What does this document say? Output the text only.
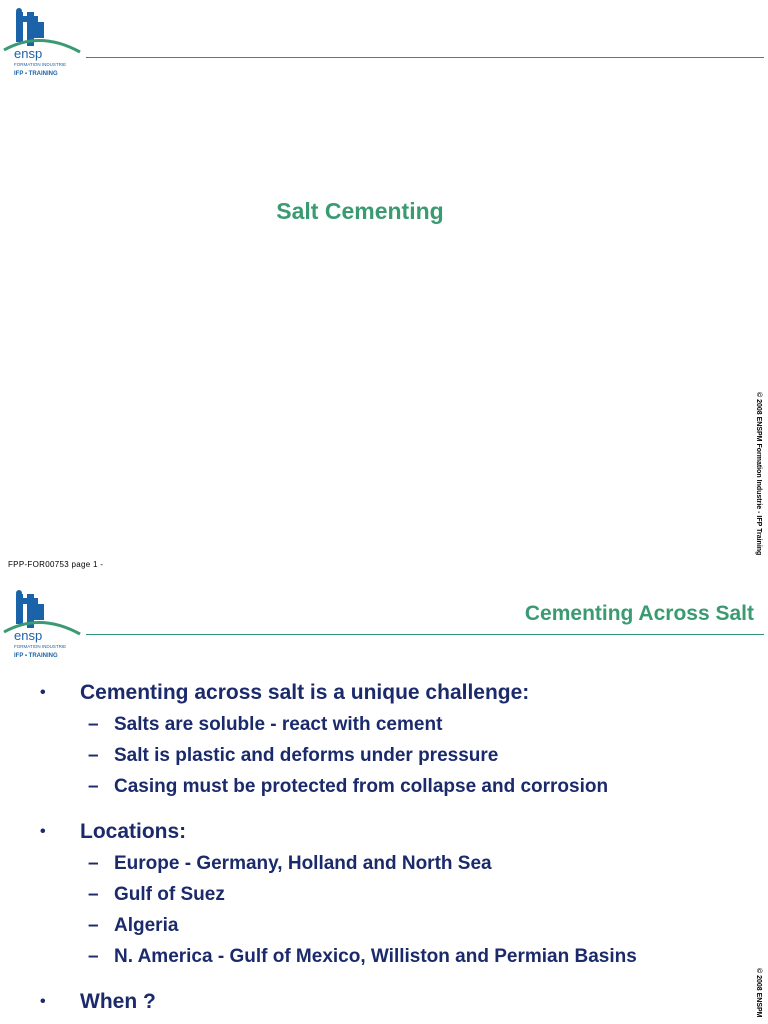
ensp
FORMATION INDUSTRIE
IFP ▪ TRAINING
Salt Cementing
© 2008 ENSPM Formation Industrie - IFP Training
FPP-FOR00753 page 1 -
ensp
FORMATION INDUSTRIE
IFP ▪ TRAINING
Cementing Across Salt
• Cementing across salt is a unique challenge:
– Salts are soluble - react with cement
– Salt is plastic and deforms under pressure
– Casing must be protected from collapse and corrosion
• Locations:
– Europe - Germany, Holland and North Sea
– Gulf of Suez
– Algeria
– N. America - Gulf of Mexico, Williston and Permian Basins
• When ?	© 2008 ENSPM
